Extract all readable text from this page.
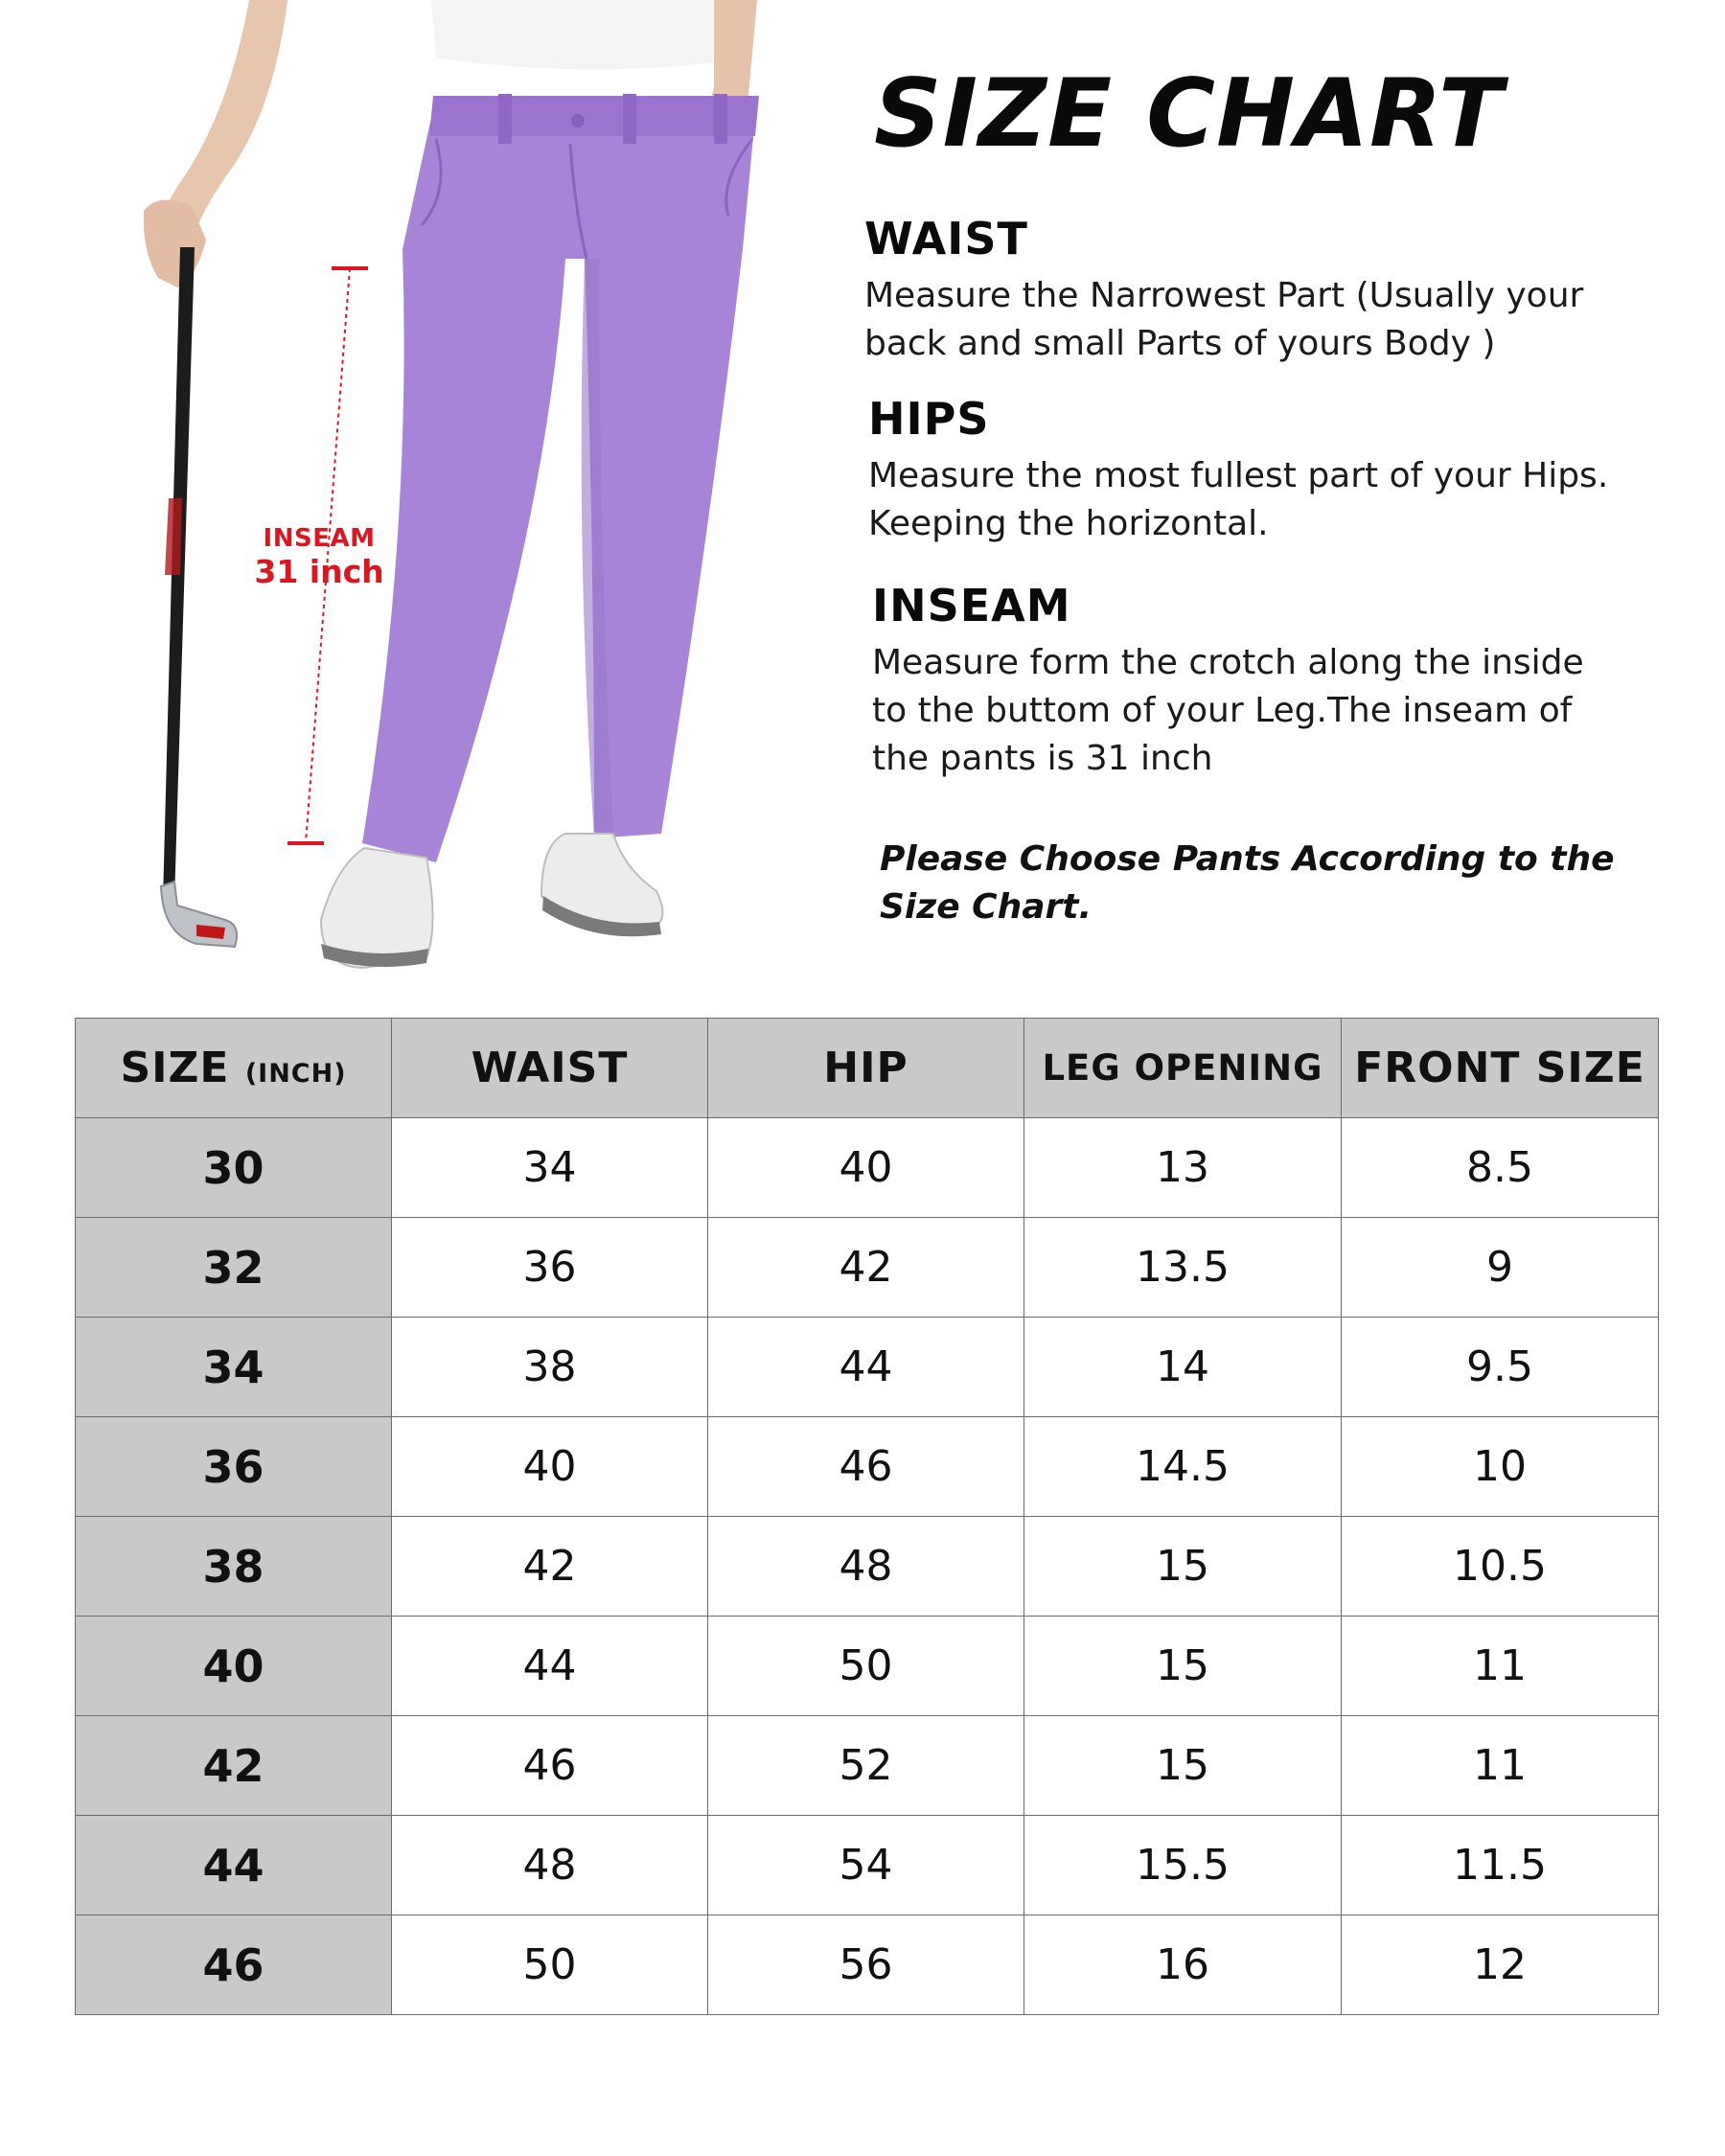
INSEAM
31 inch
SIZE CHART
WAIST

Measure the Narrowest Part (Usually your
back and small Parts of yours Body )

HIPS

Measure the most fullest part of your Hips.
Keeping the horizontal.

INSEAM

Measure form the crotch along the inside
to the buttom of your Leg.The inseam of
the pants is 31 inch

Please Choose Pants According to the
Size Chart.

SIZE (INCH)	WAIST	HIP	LEG OPENING	FRONT SIZE
30	34	40	13	8.5
32	36	42	13.5	9
34	38	44	14	9.5
36	40	46	14.5	10
38	42	48	15	10.5
40	44	50	15	11
42	46	52	15	11
44	48	54	15.5	11.5
46	50	56	16	12
